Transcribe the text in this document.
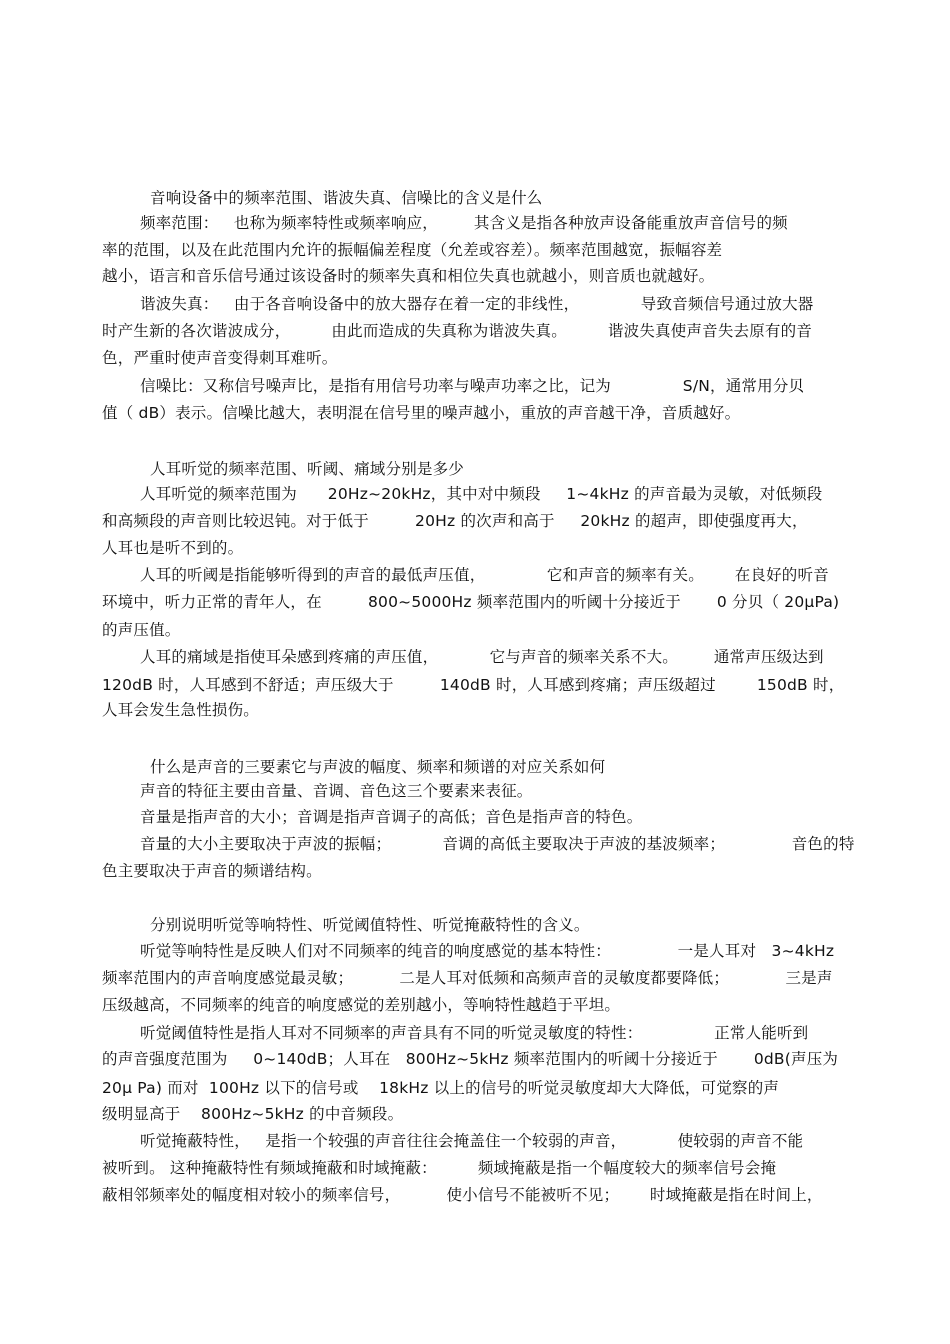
音响设备中的频率范围、谐波失真、信噪比的含义是什么
频率范围：   也称为频率特性或频率响应，       其含义是指各种放声设备能重放声音信号的频
率的范围，以及在此范围内允许的振幅偏差程度（允差或容差）。频率范围越宽，振幅容差
越小，语言和音乐信号通过该设备时的频率失真和相位失真也就越小，则音质也就越好。
谐波失真：   由于各音响设备中的放大器存在着一定的非线性，            导致音频信号通过放大器
时产生新的各次谐波成分，        由此而造成的失真称为谐波失真。        谐波失真使声音失去原有的音
色，严重时使声音变得刺耳难听。
信噪比：又称信号噪声比，是指有用信号功率与噪声功率之比，记为              S/N，通常用分贝
值（ dB）表示。信噪比越大，表明混在信号里的噪声越小，重放的声音越干净，音质越好。
人耳听觉的频率范围、听阈、痛域分别是多少
人耳听觉的频率范围为      20Hz~20kHz，其中对中频段     1~4kHz 的声音最为灵敏，对低频段
和高频段的声音则比较迟钝。对于低于         20Hz 的次声和高于     20kHz 的超声，即使强度再大，
人耳也是听不到的。
人耳的听阈是指能够听得到的声音的最低声压值，            它和声音的频率有关。      在良好的听音
环境中，听力正常的青年人，在         800~5000Hz 频率范围内的听阈十分接近于       0 分贝（ 20μPa)
的声压值。
人耳的痛域是指使耳朵感到疼痛的声压值，          它与声音的频率关系不大。       通常声压级达到
120dB 时，人耳感到不舒适；声压级大于         140dB 时，人耳感到疼痛；声压级超过        150dB 时，
人耳会发生急性损伤。
什么是声音的三要素它与声波的幅度、频率和频谱的对应关系如何
声音的特征主要由音量、音调、音色这三个要素来表征。
音量是指声音的大小；音调是指声音调子的高低；音色是指声音的特色。
音量的大小主要取决于声波的振幅；          音调的高低主要取决于声波的基波频率；             音色的特
色主要取决于声音的频谱结构。
分别说明听觉等响特性、听觉阈值特性、听觉掩蔽特性的含义。
听觉等响特性是反映人们对不同频率的纯音的响度感觉的基本特性：             一是人耳对   3~4kHz
频率范围内的声音响度感觉最灵敏；         二是人耳对低频和高频声音的灵敏度都要降低；           三是声
压级越高，不同频率的纯音的响度感觉的差别越小，等响特性越趋于平坦。
听觉阈值特性是指人耳对不同频率的声音具有不同的听觉灵敏度的特性：              正常人能听到
的声音强度范围为     0~140dB；人耳在   800Hz~5kHz 频率范围内的听阈十分接近于       0dB(声压为
20μ Pa) 而对  100Hz 以下的信号或    18kHz 以上的信号的听觉灵敏度却大大降低，可觉察的声
级明显高于    800Hz~5kHz 的中音频段。
听觉掩蔽特性，   是指一个较强的声音往往会掩盖住一个较弱的声音，          使较弱的声音不能
被听到。 这种掩蔽特性有频域掩蔽和时域掩蔽：        频域掩蔽是指一个幅度较大的频率信号会掩
蔽相邻频率处的幅度相对较小的频率信号，         使小信号不能被听不见；      时域掩蔽是指在时间上，
